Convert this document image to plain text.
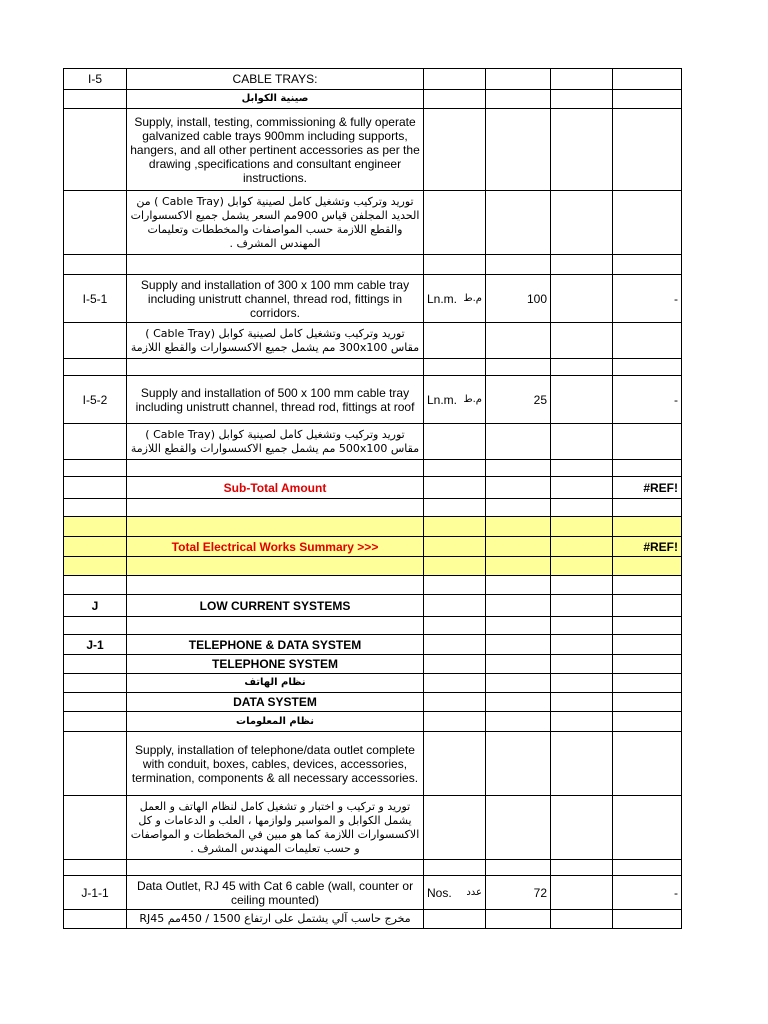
I-5	CABLE TRAYS:				
	صينية الكوابل				
	Supply, install, testing, commissioning & fully operate galvanized cable trays 900mm including supports, hangers, and all other pertinent accessories as per the drawing ,specifications and consultant engineer instructions.				
	توريد وتركيب وتشغيل كامل لصينية كوابل (Cable Tray ) من الحديد المجلفن قياس 900مم السعر يشمل جميع الاكسسوارات والقطع اللازمة حسب المواصفات والمخططات وتعليمات المهندس المشرف .				

I-5-1	Supply and installation of 300 x 100 mm cable tray including unistrutt channel, thread rod, fittings in corridors.	Ln.m. م.ط	100		-
	توريد وتركيب وتشغيل كامل لصينية كوابل (Cable Tray ) مقاس 300x100 مم يشمل جميع الاكسسوارات والقطع اللازمة				

I-5-2	Supply and installation of 500 x 100 mm cable tray including unistrutt channel, thread rod, fittings at roof	Ln.m. م.ط	25		-
	توريد وتركيب وتشغيل كامل لصينية كوابل (Cable Tray ) مقاس 500x100 مم يشمل جميع الاكسسوارات والقطع اللازمة				

	Sub-Total Amount				#REF!

	Total Electrical Works Summary >>>				#REF!

J	LOW CURRENT SYSTEMS				

J-1	TELEPHONE & DATA SYSTEM				
	TELEPHONE SYSTEM				
	نظام الهاتف				
	DATA SYSTEM				
	نظام المعلومات				
	Supply, installation of telephone/data outlet complete with conduit, boxes, cables, devices, accessories, termination, components & all necessary accessories.				
	توريد و تركيب و اختبار و تشغيل كامل لنظام الهاتف و العمل يشمل الكوابل و المواسير ولوازمها ، العلب و الدعامات و كل الاكسسوارات اللازمة كما هو مبين في المخططات و المواصفات و حسب تعليمات المهندس المشرف .				

J-1-1	Data Outlet, RJ 45 with Cat 6 cable (wall, counter or ceiling mounted)	Nos. عدد	72		-
	مخرج حاسب آلي يشتمل على ارتفاع 1500 / 450مم RJ45				
